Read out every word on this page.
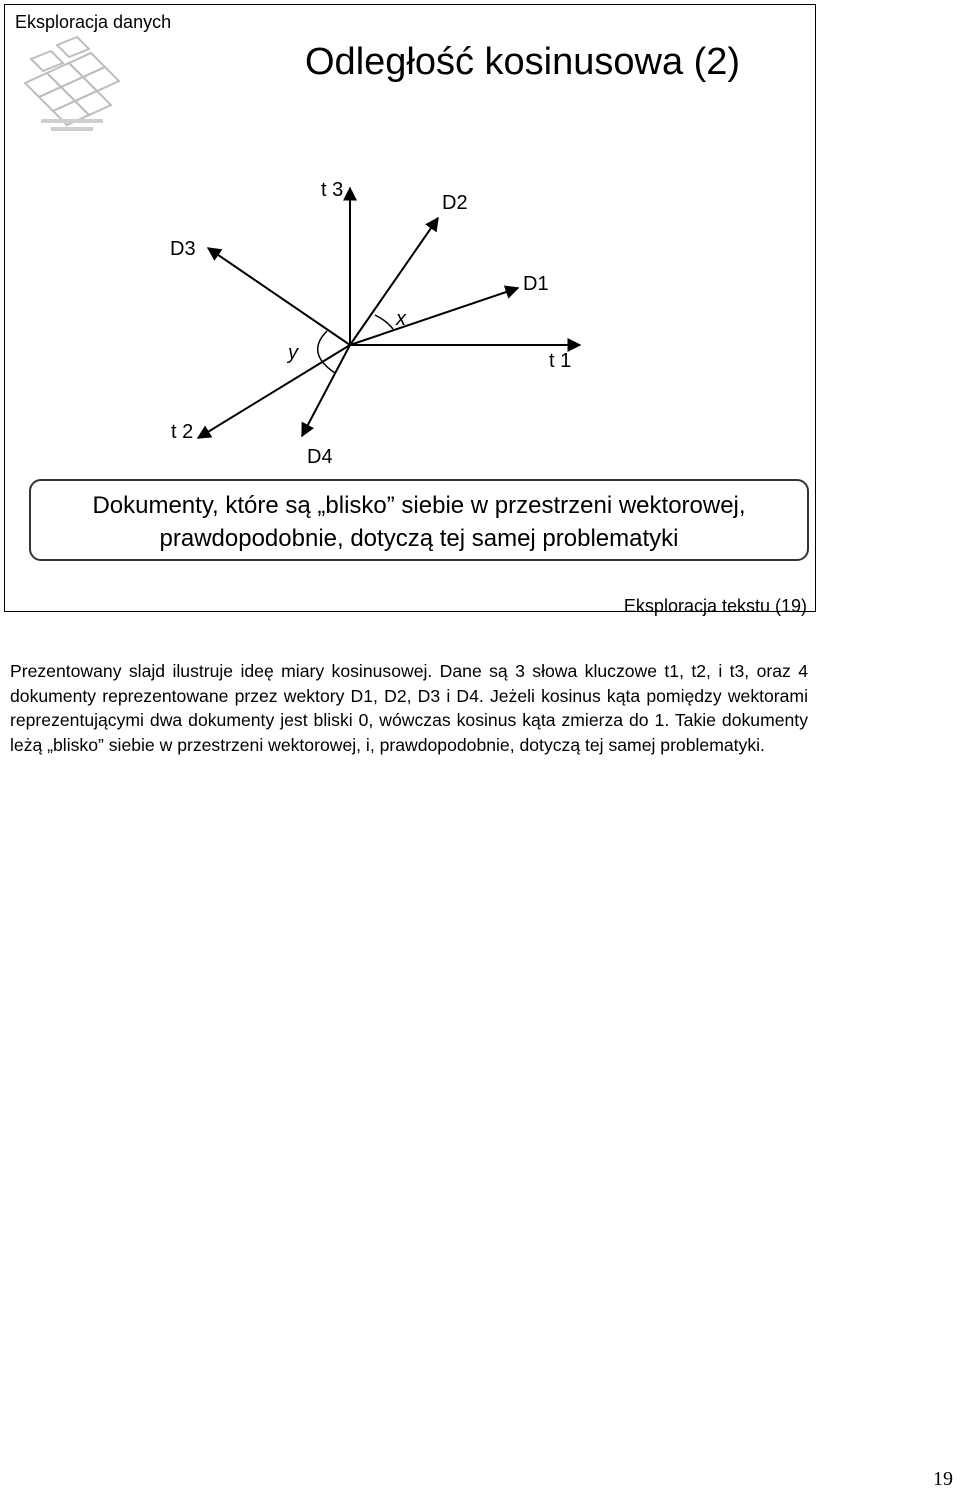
Eksploracja danych
Odległość kosinusowa (2)
t 3
t 1
t 2
D2
D1
D3
D4
x
y
Dokumenty, które są „blisko” siebie w przestrzeni wektorowej,
prawdopodobnie, dotyczą tej samej problematyki
Eksploracja tekstu (19)

Prezentowany slajd ilustruje ideę miary kosinusowej. Dane są 3 słowa kluczowe t1, t2, i t3, oraz 4 dokumenty reprezentowane przez wektory D1, D2, D3 i D4. Jeżeli kosinus kąta pomiędzy wektorami reprezentującymi dwa dokumenty jest bliski 0, wówczas kosinus kąta zmierza do 1. Takie dokumenty leżą „blisko” siebie w przestrzeni wektorowej, i, prawdopodobnie, dotyczą tej samej problematyki.

19
